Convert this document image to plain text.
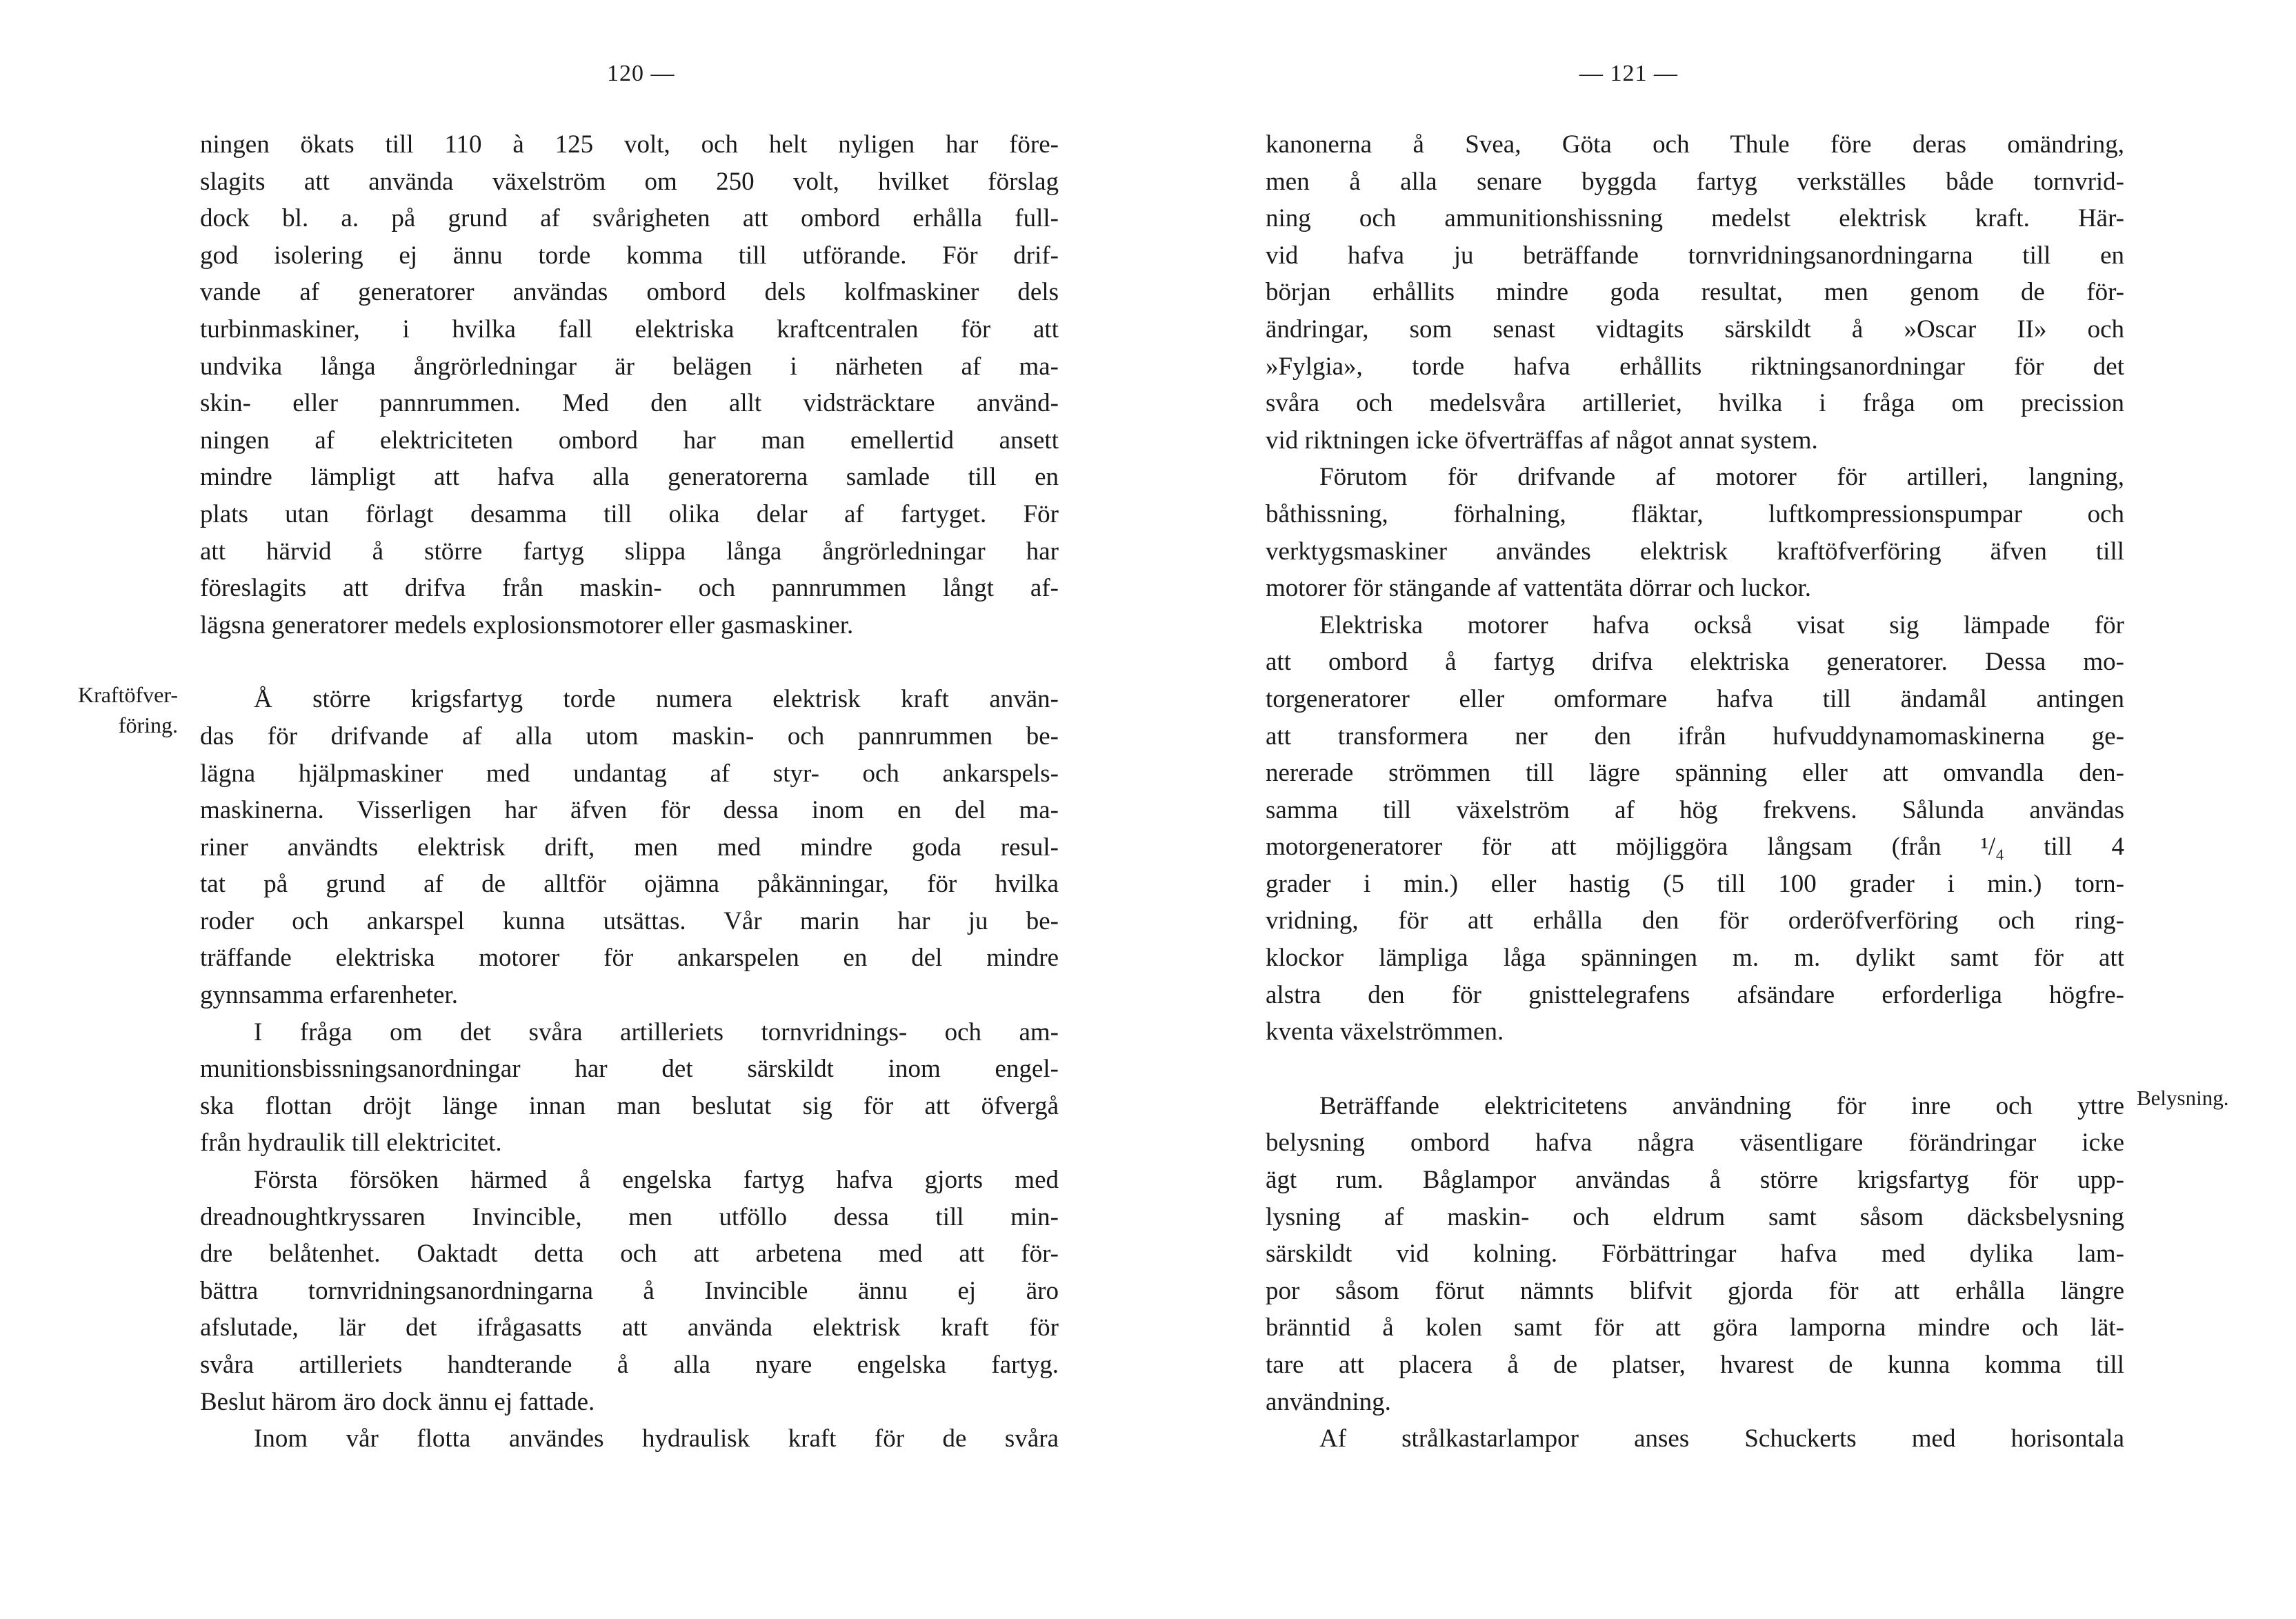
120 —	— 121 —
Kraftöfver-
föring.
Belysning.
ningen ökats till 110 à 125 volt, och helt nyligen har före-
slagits att använda växelström om 250 volt, hvilket förslag
dock bl. a. på grund af svårigheten att ombord erhålla full-
god isolering ej ännu torde komma till utförande. För drif-
vande af generatorer användas ombord dels kolfmaskiner dels
turbinmaskiner, i hvilka fall elektriska kraftcentralen för att
undvika långa ångrörledningar är belägen i närheten af ma-
skin- eller pannrummen. Med den allt vidsträcktare använd-
ningen af elektriciteten ombord har man emellertid ansett
mindre lämpligt att hafva alla generatorerna samlade till en
plats utan förlagt desamma till olika delar af fartyget. För
att härvid å större fartyg slippa långa ångrörledningar har
föreslagits att drifva från maskin- och pannrummen långt af-
lägsna generatorer medels explosionsmotorer eller gasmaskiner.
Å större krigsfartyg torde numera elektrisk kraft använ-
das för drifvande af alla utom maskin- och pannrummen be-
lägna hjälpmaskiner med undantag af styr- och ankarspels-
maskinerna. Visserligen har äfven för dessa inom en del ma-
riner användts elektrisk drift, men med mindre goda resul-
tat på grund af de alltför ojämna påkänningar, för hvilka
roder och ankarspel kunna utsättas. Vår marin har ju be-
träffande elektriska motorer för ankarspelen en del mindre
gynnsamma erfarenheter.
I fråga om det svåra artilleriets tornvridnings- och am-
munitionsbissningsanordningar har det särskildt inom engel-
ska flottan dröjt länge innan man beslutat sig för att öfvergå
från hydraulik till elektricitet.
Första försöken härmed å engelska fartyg hafva gjorts med
dreadnoughtkryssaren Invincible, men utföllo dessa till min-
dre belåtenhet. Oaktadt detta och att arbetena med att för-
bättra tornvridningsanordningarna å Invincible ännu ej äro
afslutade, lär det ifrågasatts att använda elektrisk kraft för
svåra artilleriets handterande å alla nyare engelska fartyg.
Beslut härom äro dock ännu ej fattade.
Inom vår flotta användes hydraulisk kraft för de svåra
kanonerna å Svea, Göta och Thule före deras omändring,
men å alla senare byggda fartyg verkställes både tornvrid-
ning och ammunitionshissning medelst elektrisk kraft. Här-
vid hafva ju beträffande tornvridningsanordningarna till en
början erhållits mindre goda resultat, men genom de för-
ändringar, som senast vidtagits särskildt å »Oscar II» och
»Fylgia», torde hafva erhållits riktningsanordningar för det
svåra och medelsvåra artilleriet, hvilka i fråga om precission
vid riktningen icke öfverträffas af något annat system.
Förutom för drifvande af motorer för artilleri, langning,
båthissning, förhalning, fläktar, luftkompressionspumpar och
verktygsmaskiner användes elektrisk kraftöfverföring äfven till
motorer för stängande af vattentäta dörrar och luckor.
Elektriska motorer hafva också visat sig lämpade för
att ombord å fartyg drifva elektriska generatorer. Dessa mo-
torgeneratorer eller omformare hafva till ändamål antingen
att transformera ner den ifrån hufvuddynamomaskinerna ge-
nererade strömmen till lägre spänning eller att omvandla den-
samma till växelström af hög frekvens. Sålunda användas
motorgeneratorer för att möjliggöra långsam (från ¹/₄ till 4
grader i min.) eller hastig (5 till 100 grader i min.) torn-
vridning, för att erhålla den för orderöfverföring och ring-
klockor lämpliga låga spänningen m. m. dylikt samt för att
alstra den för gnisttelegrafens afsändare erforderliga högfre-
kventa växelströmmen.
Beträffande elektricitetens användning för inre och yttre
belysning ombord hafva några väsentligare förändringar icke
ägt rum. Båglampor användas å större krigsfartyg för upp-
lysning af maskin- och eldrum samt såsom däcksbelysning
särskildt vid kolning. Förbättringar hafva med dylika lam-
por såsom förut nämnts blifvit gjorda för att erhålla längre
bränntid å kolen samt för att göra lamporna mindre och lät-
tare att placera å de platser, hvarest de kunna komma till
användning.
Af strålkastarlampor anses Schuckerts med horisontala
